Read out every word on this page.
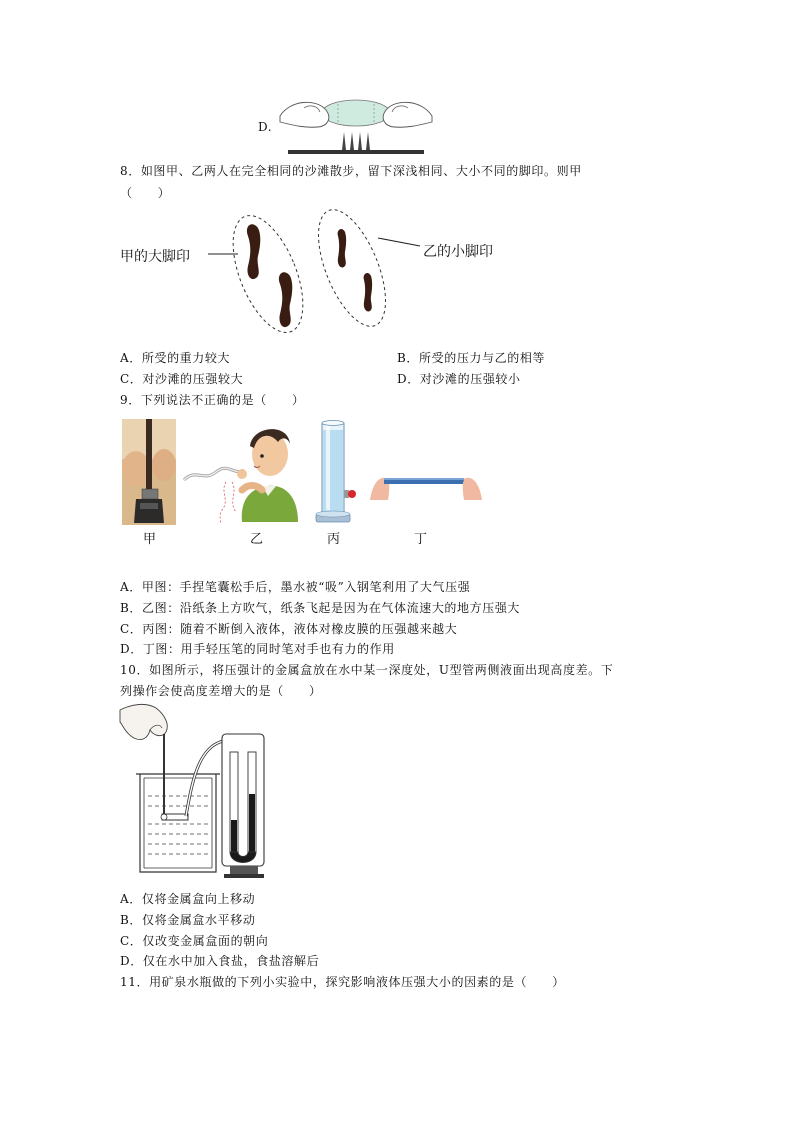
D.
8．如图甲、乙两人在完全相同的沙滩散步，留下深浅相同、大小不同的脚印。则甲
（　　）
甲的大脚印	乙的小脚印
A．所受的重力较大	B．所受的压力与乙的相等
C．对沙滩的压强较大	D．对沙滩的压强较小
9．下列说法不正确的是（　　）
甲	乙	丙	丁
A．甲图：手捏笔囊松手后，墨水被“吸”入钢笔利用了大气压强
B．乙图：沿纸条上方吹气，纸条飞起是因为在气体流速大的地方压强大
C．丙图：随着不断倒入液体，液体对橡皮膜的压强越来越大
D．丁图：用手轻压笔的同时笔对手也有力的作用
10．如图所示，将压强计的金属盒放在水中某一深度处，U型管两侧液面出现高度差。下
列操作会使高度差增大的是（　　）
A．仅将金属盒向上移动
B．仅将金属盒水平移动
C．仅改变金属盒面的朝向
D．仅在水中加入食盐，食盐溶解后
11．用矿泉水瓶做的下列小实验中，探究影响液体压强大小的因素的是（　　）
